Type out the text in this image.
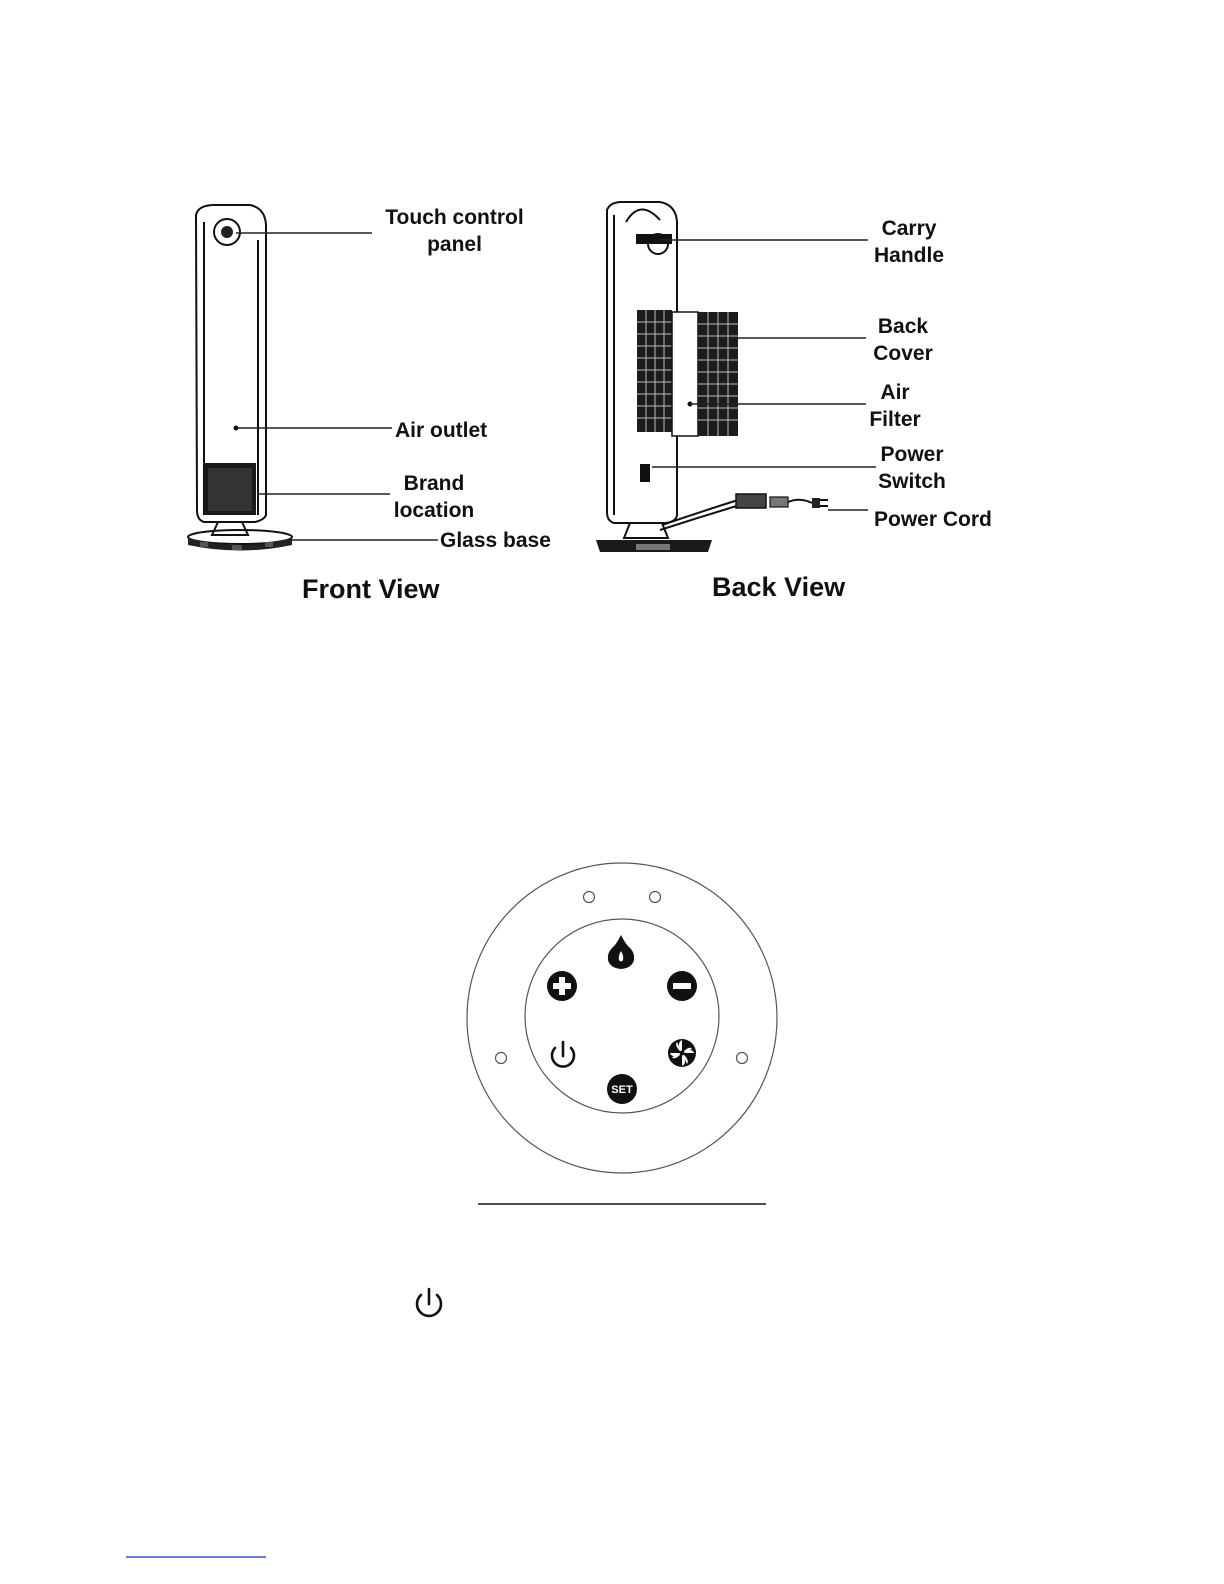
Touch control
panel
Air outlet
Brand
location
Glass base
Front View
Carry
Handle
Back
Cover
Air
Filter
Power
Switch
Power Cord
Back View
SET
